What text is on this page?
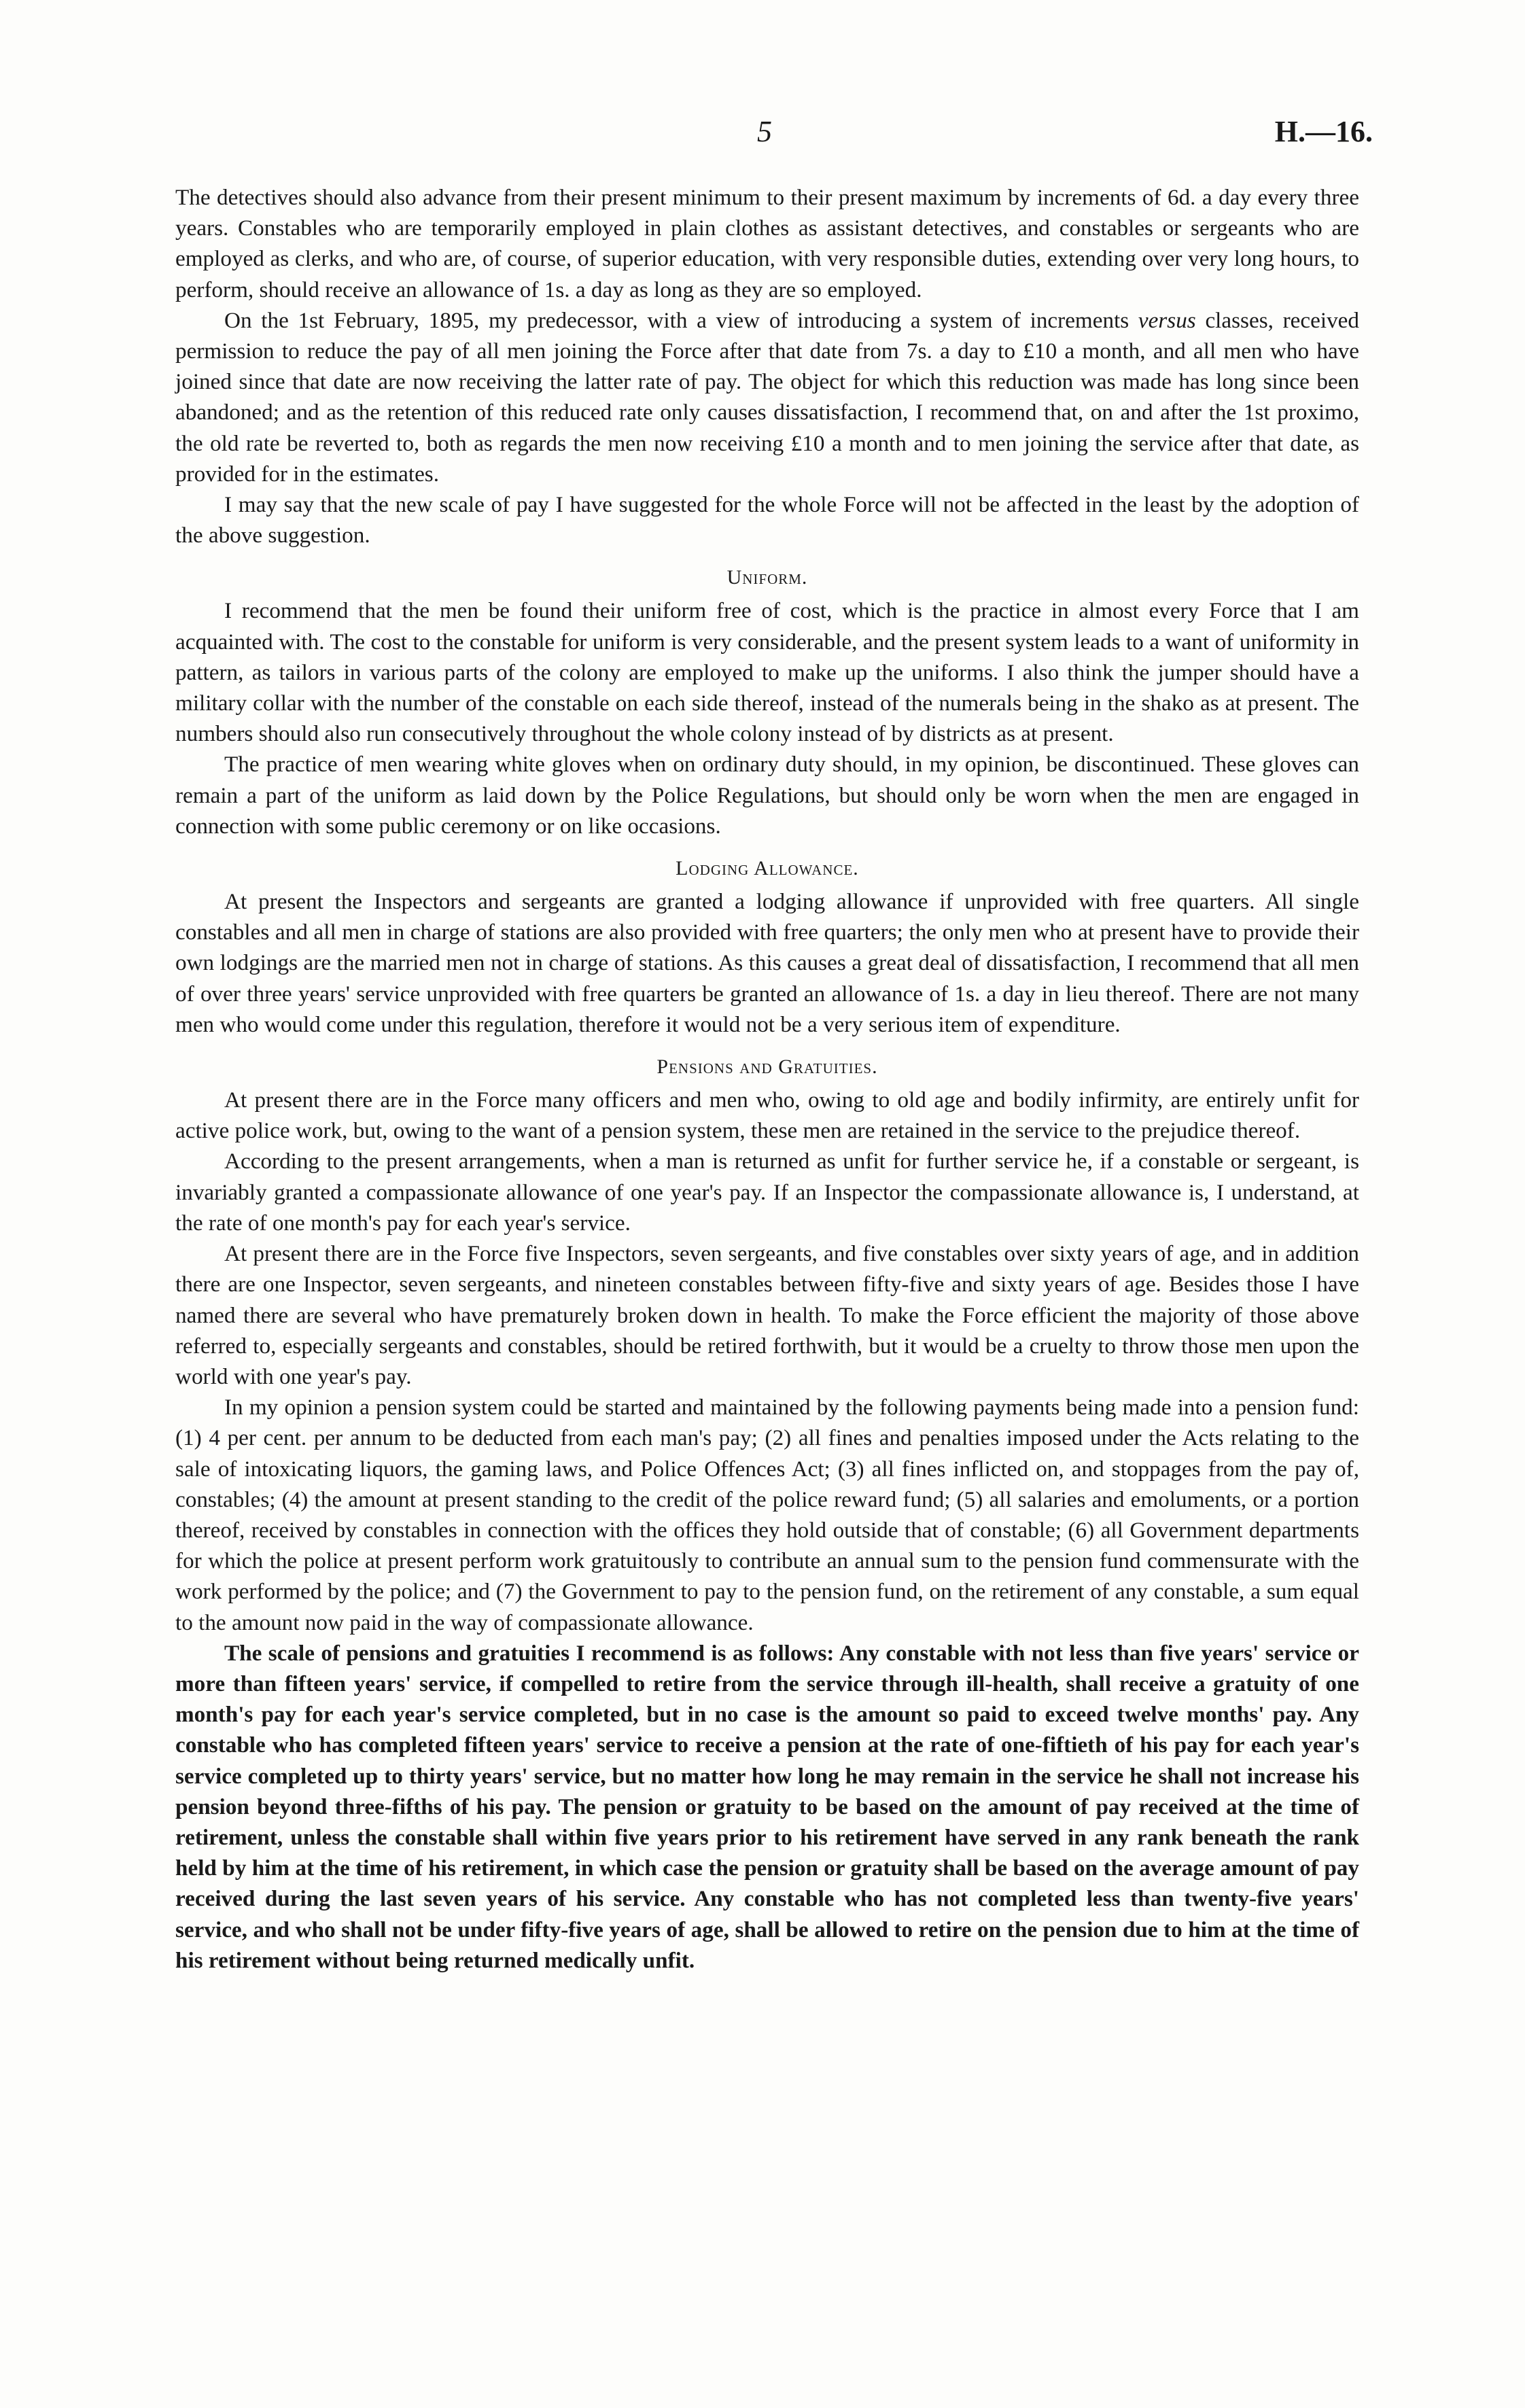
5	H.—16.

The detectives should also advance from their present minimum to their present maximum by increments of 6d. a day every three years. Constables who are temporarily employed in plain clothes as assistant detectives, and constables or sergeants who are employed as clerks, and who are, of course, of superior education, with very responsible duties, extending over very long hours, to perform, should receive an allowance of 1s. a day as long as they are so employed.

On the 1st February, 1895, my predecessor, with a view of introducing a system of increments versus classes, received permission to reduce the pay of all men joining the Force after that date from 7s. a day to £10 a month, and all men who have joined since that date are now receiving the latter rate of pay. The object for which this reduction was made has long since been abandoned; and as the retention of this reduced rate only causes dissatisfaction, I recommend that, on and after the 1st proximo, the old rate be reverted to, both as regards the men now receiving £10 a month and to men joining the service after that date, as provided for in the estimates.

I may say that the new scale of pay I have suggested for the whole Force will not be affected in the least by the adoption of the above suggestion.

Uniform.

I recommend that the men be found their uniform free of cost, which is the practice in almost every Force that I am acquainted with. The cost to the constable for uniform is very considerable, and the present system leads to a want of uniformity in pattern, as tailors in various parts of the colony are employed to make up the uniforms. I also think the jumper should have a military collar with the number of the constable on each side thereof, instead of the numerals being in the shako as at present. The numbers should also run consecutively throughout the whole colony instead of by districts as at present.

The practice of men wearing white gloves when on ordinary duty should, in my opinion, be discontinued. These gloves can remain a part of the uniform as laid down by the Police Regulations, but should only be worn when the men are engaged in connection with some public ceremony or on like occasions.

Lodging Allowance.

At present the Inspectors and sergeants are granted a lodging allowance if unprovided with free quarters. All single constables and all men in charge of stations are also provided with free quarters; the only men who at present have to provide their own lodgings are the married men not in charge of stations. As this causes a great deal of dissatisfaction, I recommend that all men of over three years' service unprovided with free quarters be granted an allowance of 1s. a day in lieu thereof. There are not many men who would come under this regulation, therefore it would not be a very serious item of expenditure.

Pensions and Gratuities.

At present there are in the Force many officers and men who, owing to old age and bodily infirmity, are entirely unfit for active police work, but, owing to the want of a pension system, these men are retained in the service to the prejudice thereof.

According to the present arrangements, when a man is returned as unfit for further service he, if a constable or sergeant, is invariably granted a compassionate allowance of one year's pay. If an Inspector the compassionate allowance is, I understand, at the rate of one month's pay for each year's service.

At present there are in the Force five Inspectors, seven sergeants, and five constables over sixty years of age, and in addition there are one Inspector, seven sergeants, and nineteen constables between fifty-five and sixty years of age. Besides those I have named there are several who have prematurely broken down in health. To make the Force efficient the majority of those above referred to, especially sergeants and constables, should be retired forthwith, but it would be a cruelty to throw those men upon the world with one year's pay.

In my opinion a pension system could be started and maintained by the following payments being made into a pension fund: (1) 4 per cent. per annum to be deducted from each man's pay; (2) all fines and penalties imposed under the Acts relating to the sale of intoxicating liquors, the gaming laws, and Police Offences Act; (3) all fines inflicted on, and stoppages from the pay of, constables; (4) the amount at present standing to the credit of the police reward fund; (5) all salaries and emoluments, or a portion thereof, received by constables in connection with the offices they hold outside that of constable; (6) all Government departments for which the police at present perform work gratuitously to contribute an annual sum to the pension fund commensurate with the work performed by the police; and (7) the Government to pay to the pension fund, on the retirement of any constable, a sum equal to the amount now paid in the way of compassionate allowance.

The scale of pensions and gratuities I recommend is as follows: Any constable with not less than five years' service or more than fifteen years' service, if compelled to retire from the service through ill-health, shall receive a gratuity of one month's pay for each year's service completed, but in no case is the amount so paid to exceed twelve months' pay. Any constable who has completed fifteen years' service to receive a pension at the rate of one-fiftieth of his pay for each year's service completed up to thirty years' service, but no matter how long he may remain in the service he shall not increase his pension beyond three-fifths of his pay. The pension or gratuity to be based on the amount of pay received at the time of retirement, unless the constable shall within five years prior to his retirement have served in any rank beneath the rank held by him at the time of his retirement, in which case the pension or gratuity shall be based on the average amount of pay received during the last seven years of his service. Any constable who has not completed less than twenty-five years' service, and who shall not be under fifty-five years of age, shall be allowed to retire on the pension due to him at the time of his retirement without being returned medically unfit.
